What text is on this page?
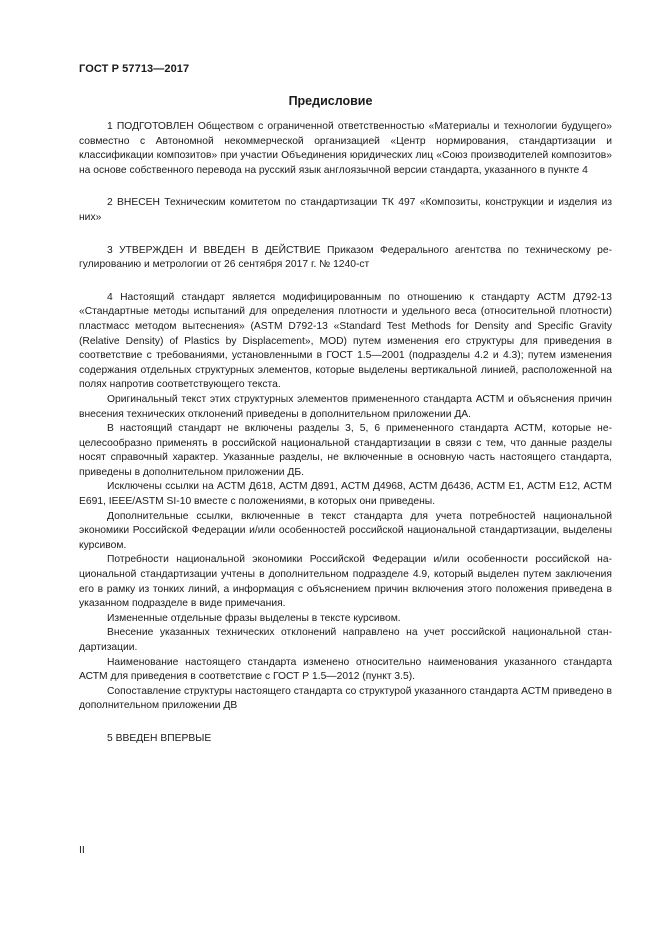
ГОСТ Р 57713—2017
Предисловие

1 ПОДГОТОВЛЕН Обществом с ограниченной ответственностью «Материалы и технологии будущего» совместно с Автономной некоммерческой организацией «Центр нормирования, стандартизации и классификации композитов» при участии Объединения юридических лиц «Союз производителей композитов» на основе собственного перевода на русский язык англоязычной версии стандарта, указанного в пункте 4

2 ВНЕСЕН Техническим комитетом по стандартизации ТК 497 «Композиты, конструкции и изделия из них»

3 УТВЕРЖДЕН И ВВЕДЕН В ДЕЙСТВИЕ Приказом Федерального агентства по техническому регулированию и метрологии от 26 сентября 2017 г. № 1240-ст

4 Настоящий стандарт является модифицированным по отношению к стандарту АСТМ Д792-13 «Стандартные методы испытаний для определения плотности и удельного веса (относительной плотности) пластмасс методом вытеснения» (ASTM D792-13 «Standard Test Methods for Density and Specific Gravity (Relative Density) of Plastics by Displacement», MOD) путем изменения его структуры для приведения в соответствие с требованиями, установленными в ГОСТ 1.5—2001 (подразделы 4.2 и 4.3); путем изменения содержания отдельных структурных элементов, которые выделены вертикальной линией, расположенной на полях напротив соответствующего текста.

Оригинальный текст этих структурных элементов примененного стандарта АСТМ и объяснения причин внесения технических отклонений приведены в дополнительном приложении ДА.

В настоящий стандарт не включены разделы 3, 5, 6 примененного стандарта АСТМ, которые нецелесообразно применять в российской национальной стандартизации в связи с тем, что данные разделы носят справочный характер. Указанные разделы, не включенные в основную часть настоящего стандарта, приведены в дополнительном приложении ДБ.

Исключены ссылки на АСТМ Д618, АСТМ Д891, АСТМ Д4968, АСТМ Д6436, АСТМ Е1, АСТМ Е12, АСТМ Е691, IEEE/ASTM SI-10 вместе с положениями, в которых они приведены.

Дополнительные ссылки, включенные в текст стандарта для учета потребностей национальной экономики Российской Федерации и/или особенностей российской национальной стандартизации, выделены курсивом.

Потребности национальной экономики Российской Федерации и/или особенности российской национальной стандартизации учтены в дополнительном подразделе 4.9, который выделен путем заключения его в рамку из тонких линий, а информация с объяснением причин включения этого положения приведена в указанном подразделе в виде примечания.

Измененные отдельные фразы выделены в тексте курсивом.

Внесение указанных технических отклонений направлено на учет российской национальной стандартизации.

Наименование настоящего стандарта изменено относительно наименования указанного стандарта АСТМ для приведения в соответствие с ГОСТ Р 1.5—2012 (пункт 3.5).

Сопоставление структуры настоящего стандарта со структурой указанного стандарта АСТМ приведено в дополнительном приложении ДВ

5 ВВЕДЕН ВПЕРВЫЕ

II
